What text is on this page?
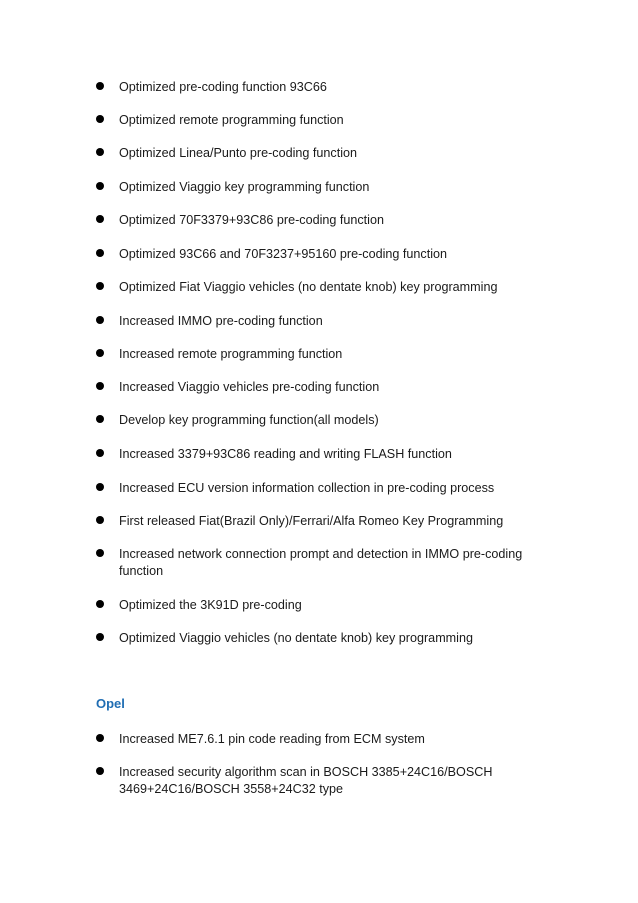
Optimized pre-coding function 93C66
Optimized remote programming function
Optimized Linea/Punto pre-coding function
Optimized Viaggio key programming function
Optimized 70F3379+93C86 pre-coding function
Optimized 93C66 and 70F3237+95160 pre-coding function
Optimized Fiat Viaggio vehicles (no dentate knob) key programming
Increased IMMO pre-coding function
Increased remote programming function
Increased Viaggio vehicles pre-coding function
Develop key programming function(all models)
Increased 3379+93C86 reading and writing FLASH function
Increased ECU version information collection in pre-coding process
First released Fiat(Brazil Only)/Ferrari/Alfa Romeo Key Programming
Increased network connection prompt and detection in IMMO pre-coding function
Optimized the 3K91D pre-coding
Optimized Viaggio vehicles (no dentate knob) key programming
Opel
Increased ME7.6.1 pin code reading from ECM system
Increased security algorithm scan in BOSCH 3385+24C16/BOSCH 3469+24C16/BOSCH 3558+24C32 type
